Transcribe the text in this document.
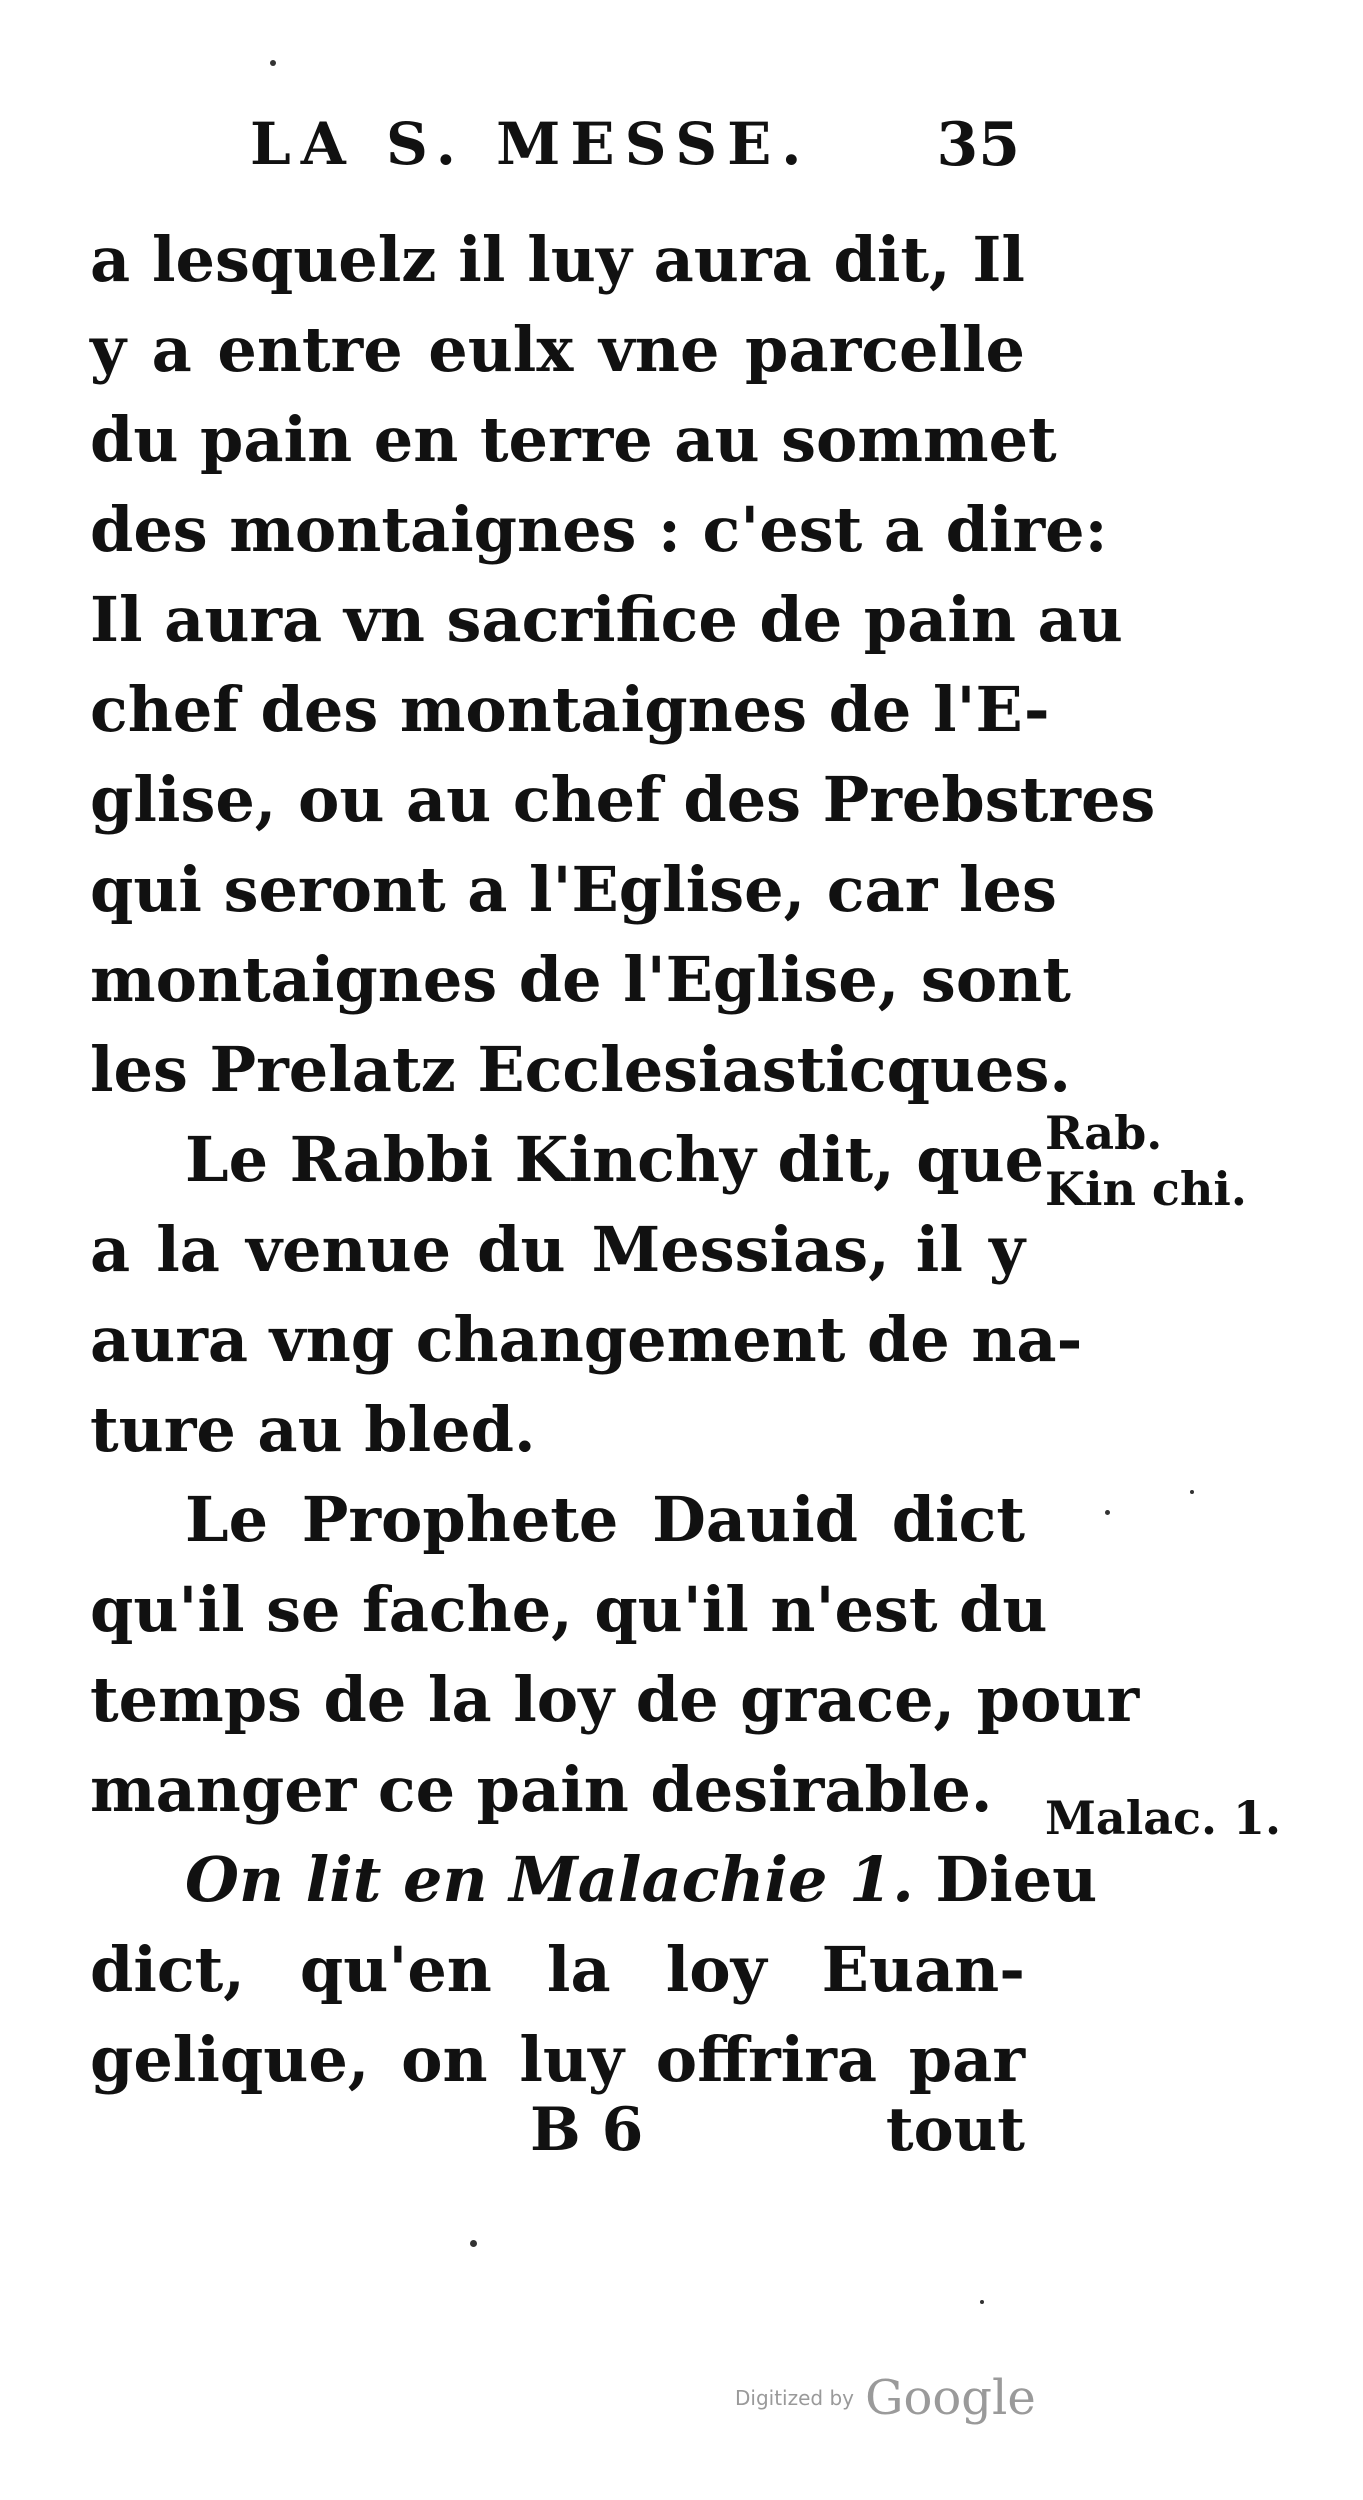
LA S. MESSE. 35
a lesquelz il luy aura dit, Il
y a entre eulx vne parcelle
du pain en terre au sommet
des montaignes : c'est a dire:
Il aura vn sacrifice de pain au
chef des montaignes de l'E-
glise, ou au chef des Prebstres
qui seront a l'Eglise, car les
montaignes de l'Eglise, sont
les Prelatz Ecclesiasticques.
Le Rabbi Kinchy dit, que
a la venue du Messias, il y
aura vng changement de na-
ture au bled.
Le Prophete Dauid dict
qu'il se fache, qu'il n'est du
temps de la loy de grace, pour
manger ce pain desirable.
On lit en Malachie 1. Dieu
dict, qu'en la loy Euan-
gelique, on luy offrira par
Rab. Kin chi.
Malac. 1.
B 6	tout
Digitized by Google
